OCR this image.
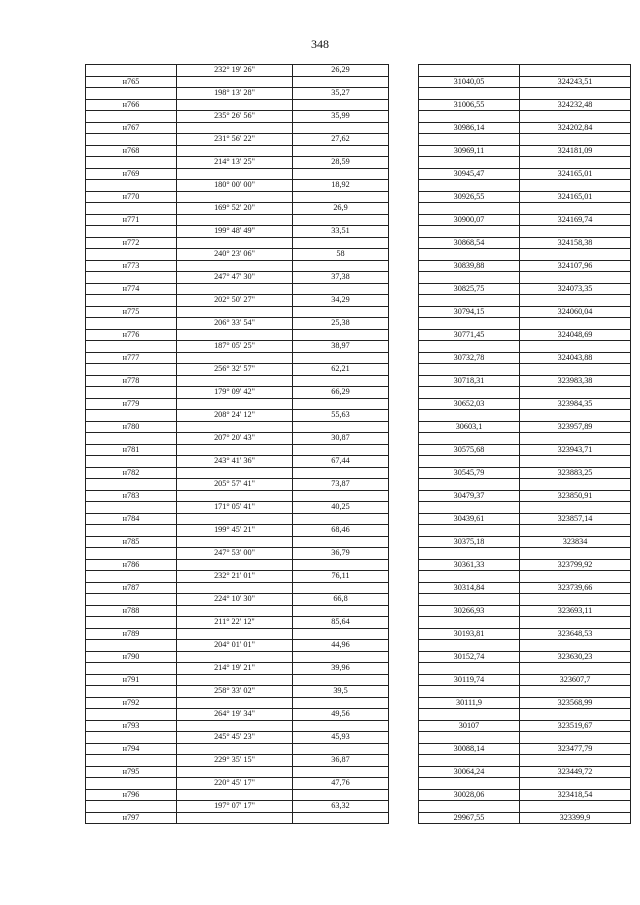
348
	232° 19' 26"	26,29			
н765				31040,05	324243,51
	198° 13' 28"	35,27			
н766				31006,55	324232,48
	235° 26' 56"	35,99			
н767				30986,14	324202,84
	231° 56' 22"	27,62			
н768				30969,11	324181,09
	214° 13' 25"	28,59			
н769				30945,47	324165,01
	180° 00' 00"	18,92			
н770				30926,55	324165,01
	169° 52' 20"	26,9			
н771				30900,07	324169,74
	199° 48' 49"	33,51			
н772				30868,54	324158,38
	240° 23' 06"	58			
н773				30839,88	324107,96
	247° 47' 30"	37,38			
н774				30825,75	324073,35
	202° 50' 27"	34,29			
н775				30794,15	324060,04
	206° 33' 54"	25,38			
н776				30771,45	324048,69
	187° 05' 25"	38,97			
н777				30732,78	324043,88
	256° 32' 57"	62,21			
н778				30718,31	323983,38
	179° 09' 42"	66,29			
н779				30652,03	323984,35
	208° 24' 12"	55,63			
н780				30603,1	323957,89
	207° 20' 43"	30,87			
н781				30575,68	323943,71
	243° 41' 36"	67,44			
н782				30545,79	323883,25
	205° 57' 41"	73,87			
н783				30479,37	323850,91
	171° 05' 41"	40,25			
н784				30439,61	323857,14
	199° 45' 21"	68,46			
н785				30375,18	323834
	247° 53' 00"	36,79			
н786				30361,33	323799,92
	232° 21' 01"	76,11			
н787				30314,84	323739,66
	224° 10' 30"	66,8			
н788				30266,93	323693,11
	211° 22' 12"	85,64			
н789				30193,81	323648,53
	204° 01' 01"	44,96			
н790				30152,74	323630,23
	214° 19' 21"	39,96			
н791				30119,74	323607,7
	258° 33' 02"	39,5			
н792				30111,9	323568,99
	264° 19' 34"	49,56			
н793				30107	323519,67
	245° 45' 23"	45,93			
н794				30088,14	323477,79
	229° 35' 15"	36,87			
н795				30064,24	323449,72
	220° 45' 17"	47,76			
н796				30028,06	323418,54
	197° 07' 17"	63,32			
н797				29967,55	323399,9
